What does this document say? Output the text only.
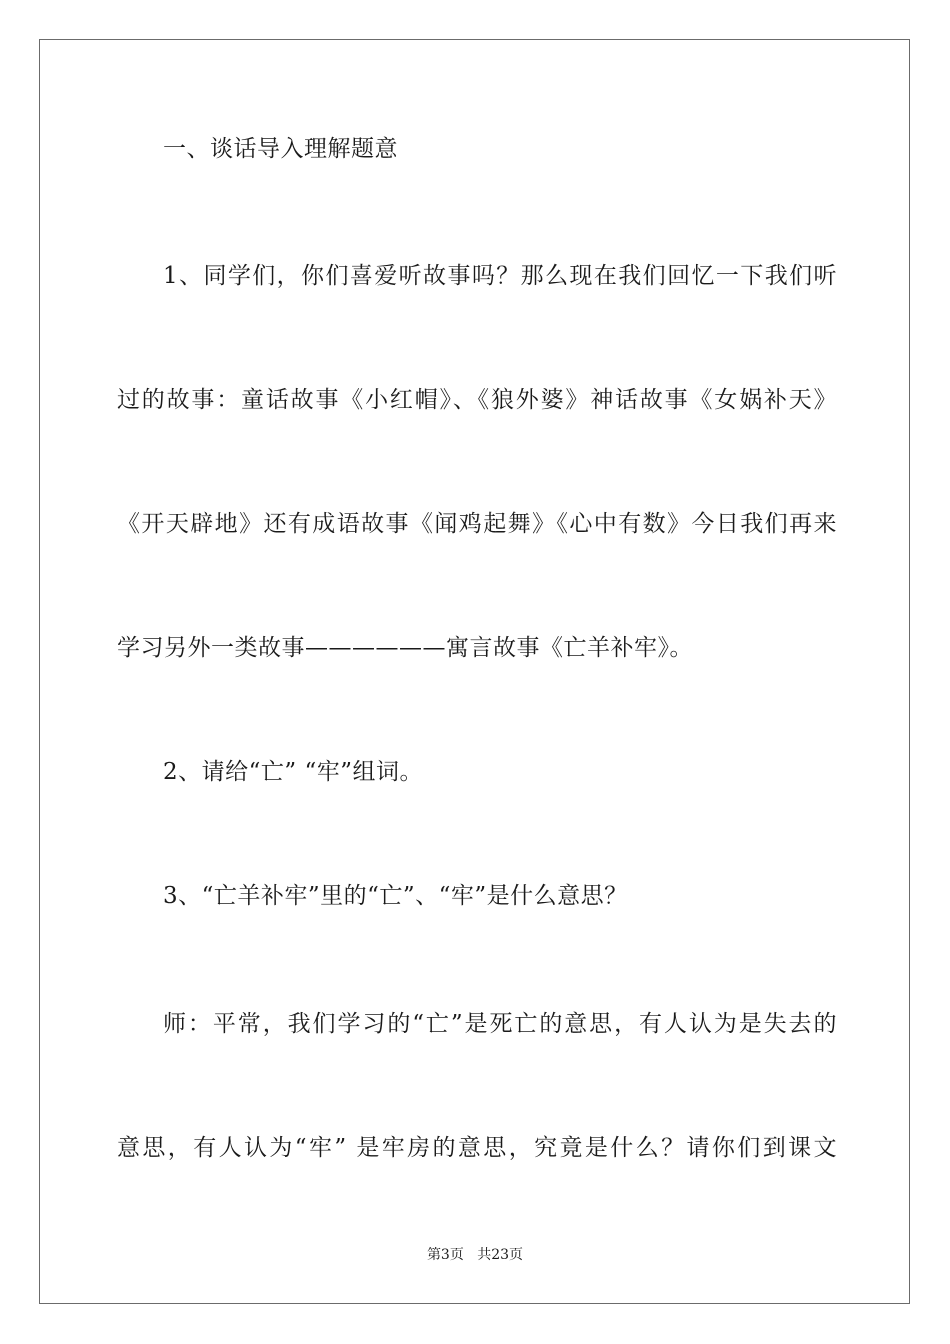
一、谈话导入理解题意
1、同学们，你们喜爱听故事吗？那么现在我们回忆一下我们听
过的故事：童话故事《小红帽》、《狼外婆》神话故事《女娲补天》
《开天辟地》还有成语故事《闻鸡起舞》《心中有数》今日我们再来
学习另外一类故事——————寓言故事《亡羊补牢》。
2、请给“亡” “牢”组词。
3、“亡羊补牢”里的“亡”、“牢”是什么意思？
师：平常，我们学习的“亡”是死亡的意思，有人认为是失去的
意思，有人认为“牢” 是牢房的意思，究竟是什么？请你们到课文
第3页 共23页
